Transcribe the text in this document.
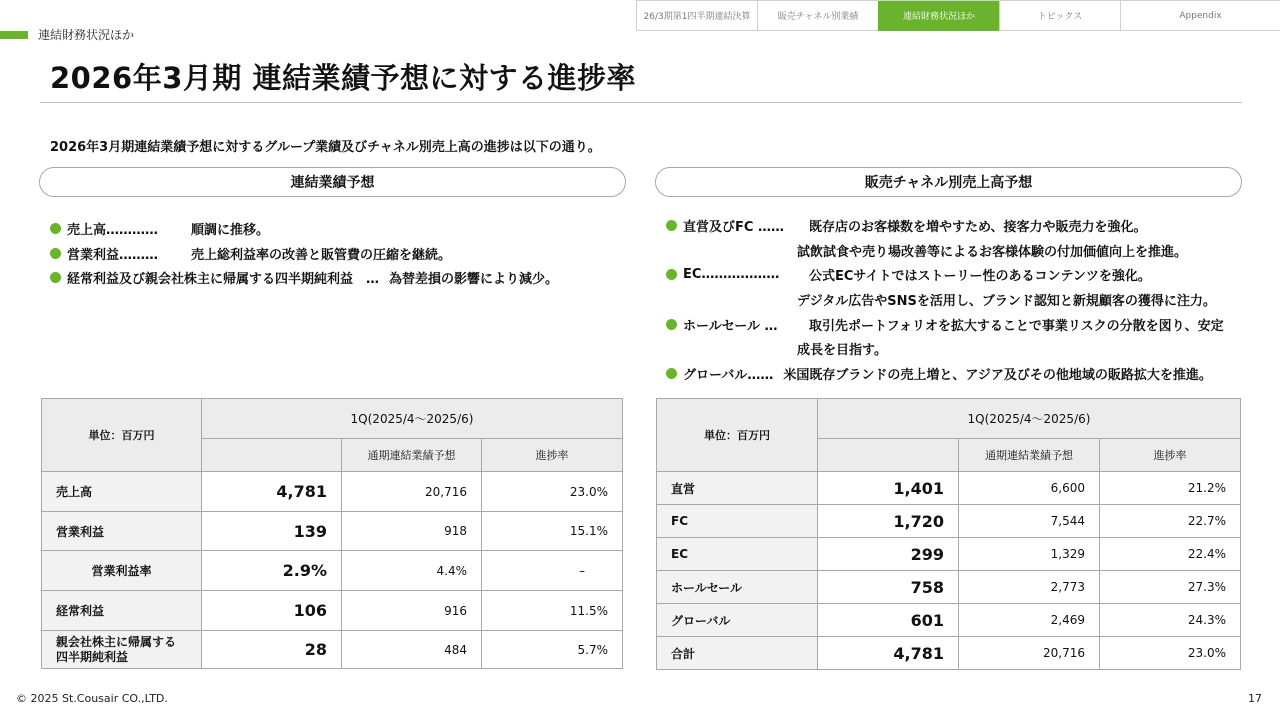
26/3期第1四半期連結決算	販売チャネル別業績	連結財務状況ほか	トピックス	Appendix
連結財務状況ほか
2026年3月期 連結業績予想に対する進捗率
2026年3月期連結業績予想に対するグループ業績及びチャネル別売上高の進捗は以下の通り。
連結業績予想	販売チャネル別売上高予想
売上高…………	順調に推移。
営業利益………	売上総利益率の改善と販管費の圧縮を継続。
経常利益及び親会社株主に帰属する四半期純利益　… 為替差損の影響により減少。
直営及びFC ……	既存店のお客様数を増やすため、接客力や販売力を強化。
試飲試食や売り場改善等によるお客様体験の付加価値向上を推進。
EC………………	公式ECサイトではストーリー性のあるコンテンツを強化。
デジタル広告やSNSを活用し、ブランド認知と新規顧客の獲得に注力。
ホールセール …	取引先ポートフォリオを拡大することで事業リスクの分散を図り、安定
成長を目指す。
グローバル…… 米国既存ブランドの売上増と、アジア及びその他地域の販路拡大を推進。
単位：百万円	1Q(2025/4～2025/6)		
		通期連結業績予想	進捗率
売上高	4,781	20,716	23.0%
営業利益	139	918	15.1%
営業利益率	2.9%	4.4%	–
経常利益	106	916	11.5%
親会社株主に帰属する
四半期純利益	28	484	5.7%
単位：百万円	1Q(2025/4～2025/6)		
		通期連結業績予想	進捗率
直営	1,401	6,600	21.2%
FC	1,720	7,544	22.7%
EC	299	1,329	22.4%
ホールセール	758	2,773	27.3%
グローバル	601	2,469	24.3%
合計	4,781	20,716	23.0%
© 2025 St.Cousair CO.,LTD.	17
